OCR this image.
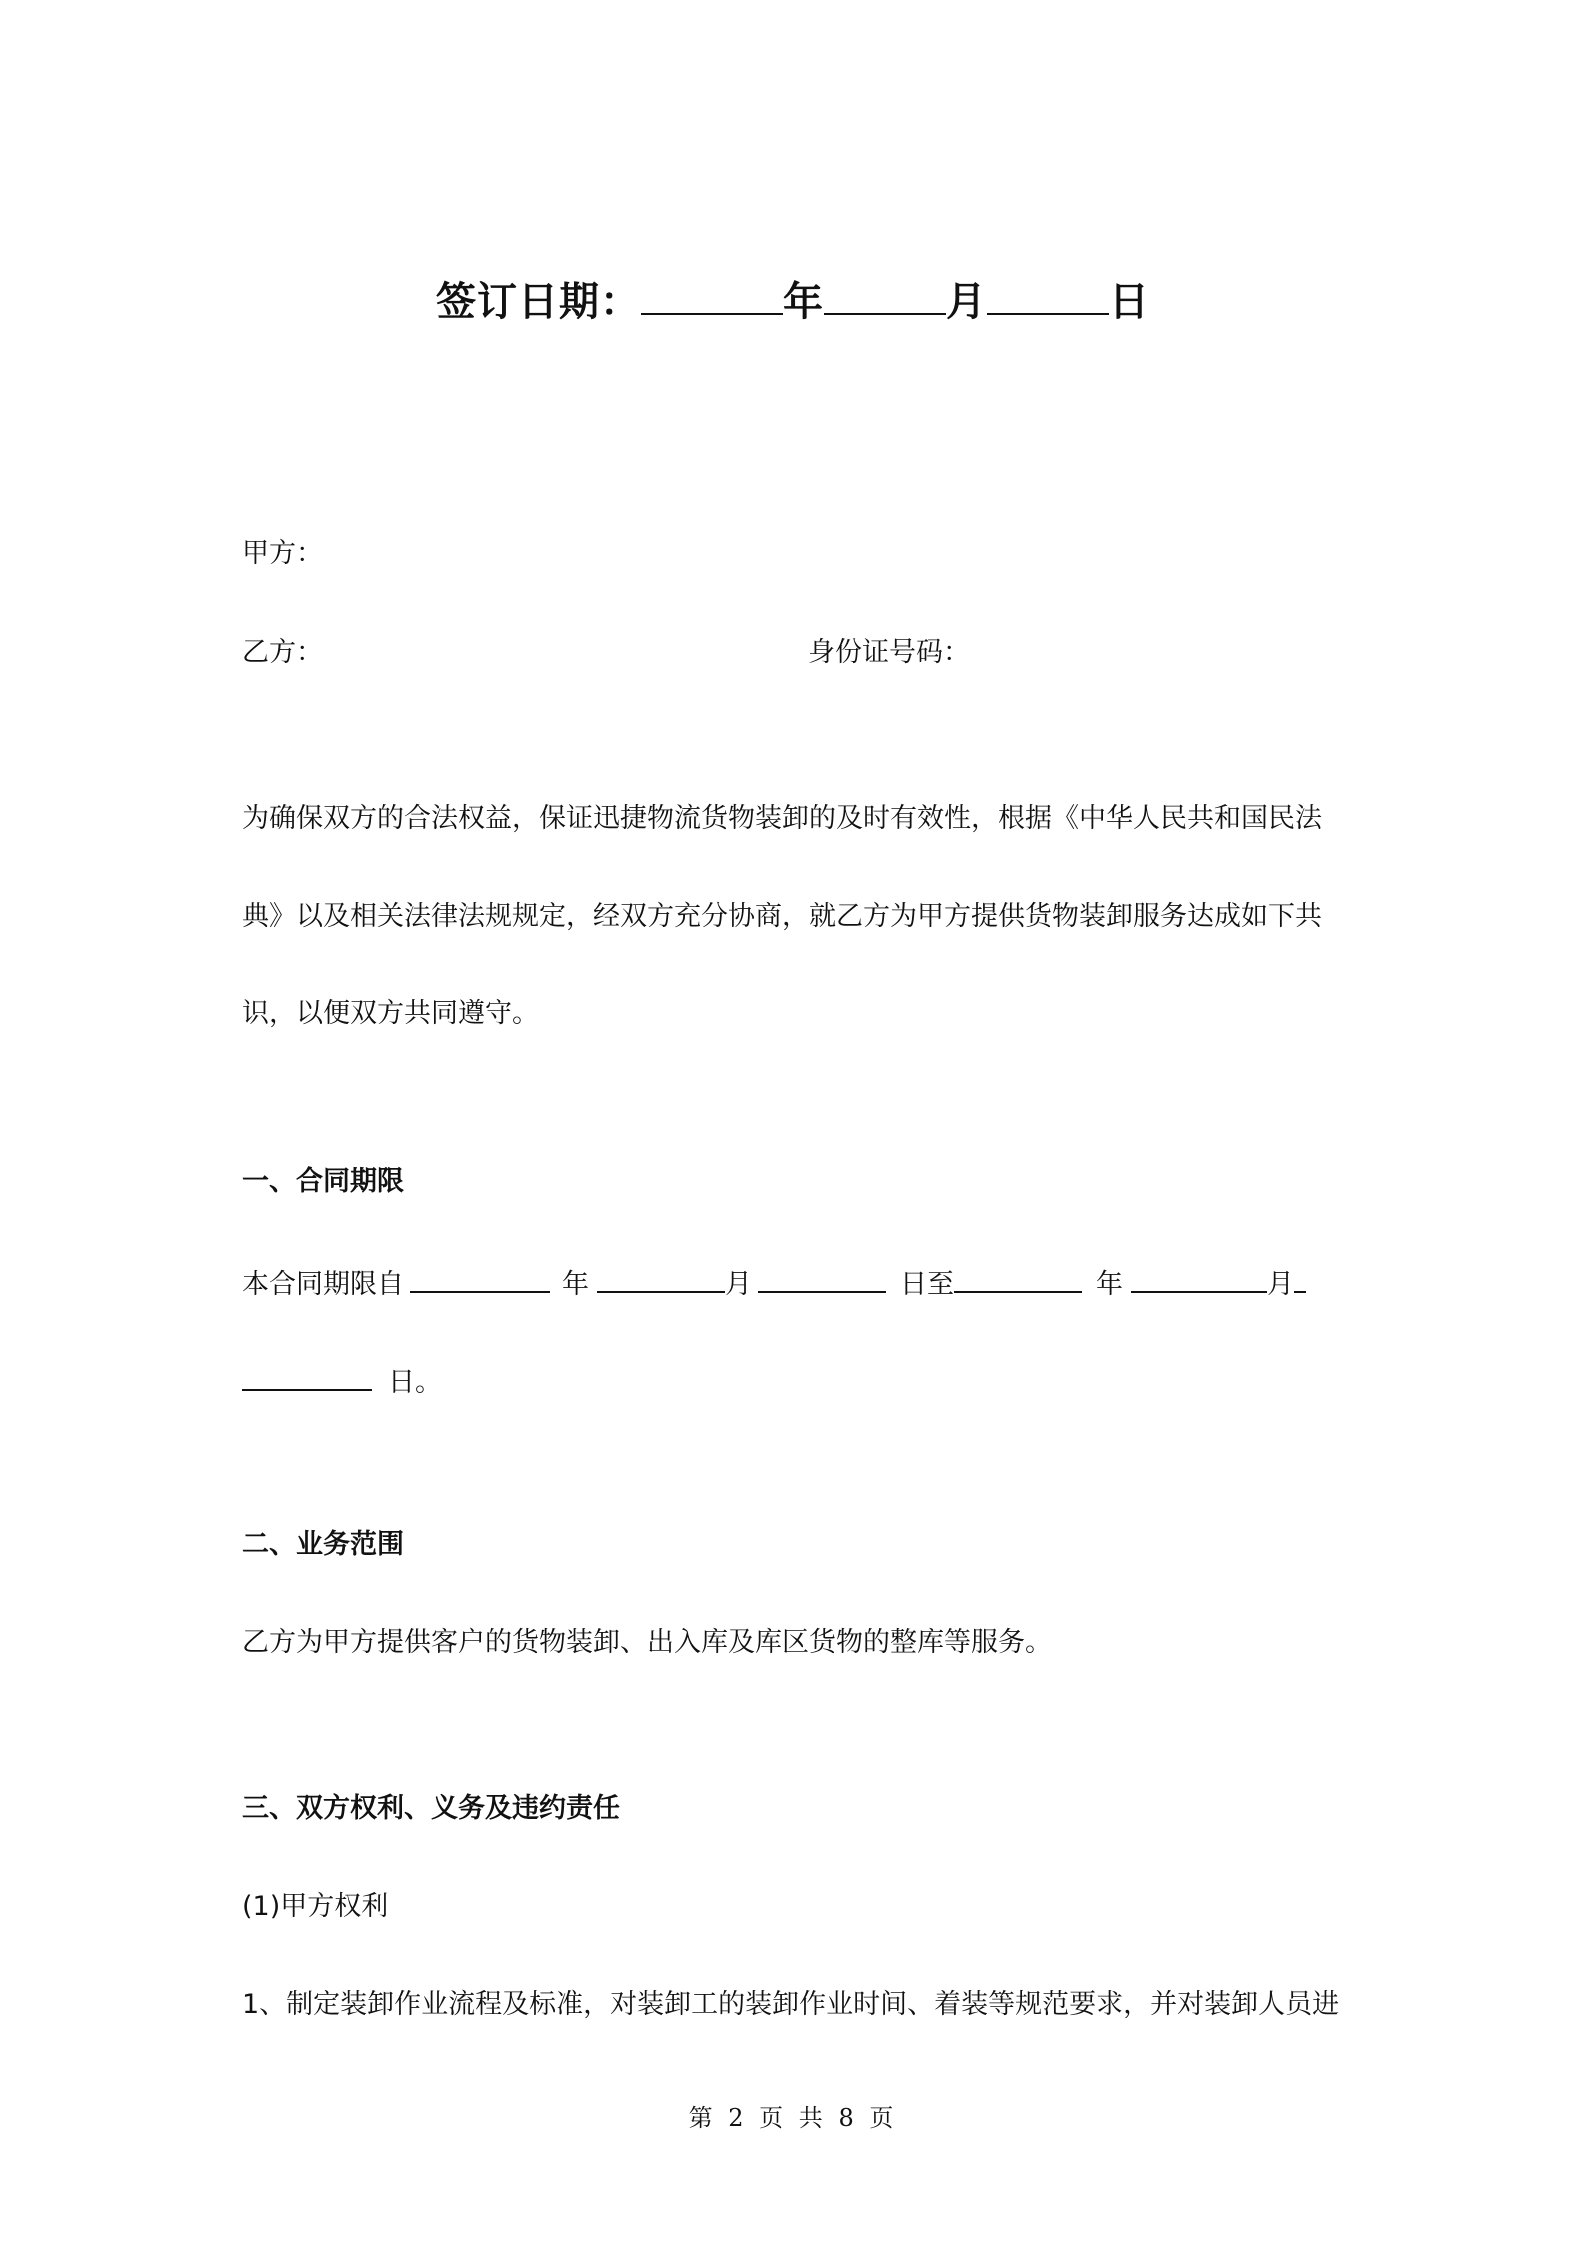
签订日期：	年	月	日
甲方：
乙方：	身份证号码：
为确保双方的合法权益，保证迅捷物流货物装卸的及时有效性，根据《中华人民共和国民法
典》以及相关法律法规规定，经双方充分协商，就乙方为甲方提供货物装卸服务达成如下共
识，以便双方共同遵守。
一、合同期限
本合同期限自	年	月	日至	年	月
日。
二、业务范围
乙方为甲方提供客户的货物装卸、出入库及库区货物的整库等服务。
三、双方权利、义务及违约责任
(1)甲方权利
1、制定装卸作业流程及标准，对装卸工的装卸作业时间、着装等规范要求，并对装卸人员进
第 2 页 共 8 页
